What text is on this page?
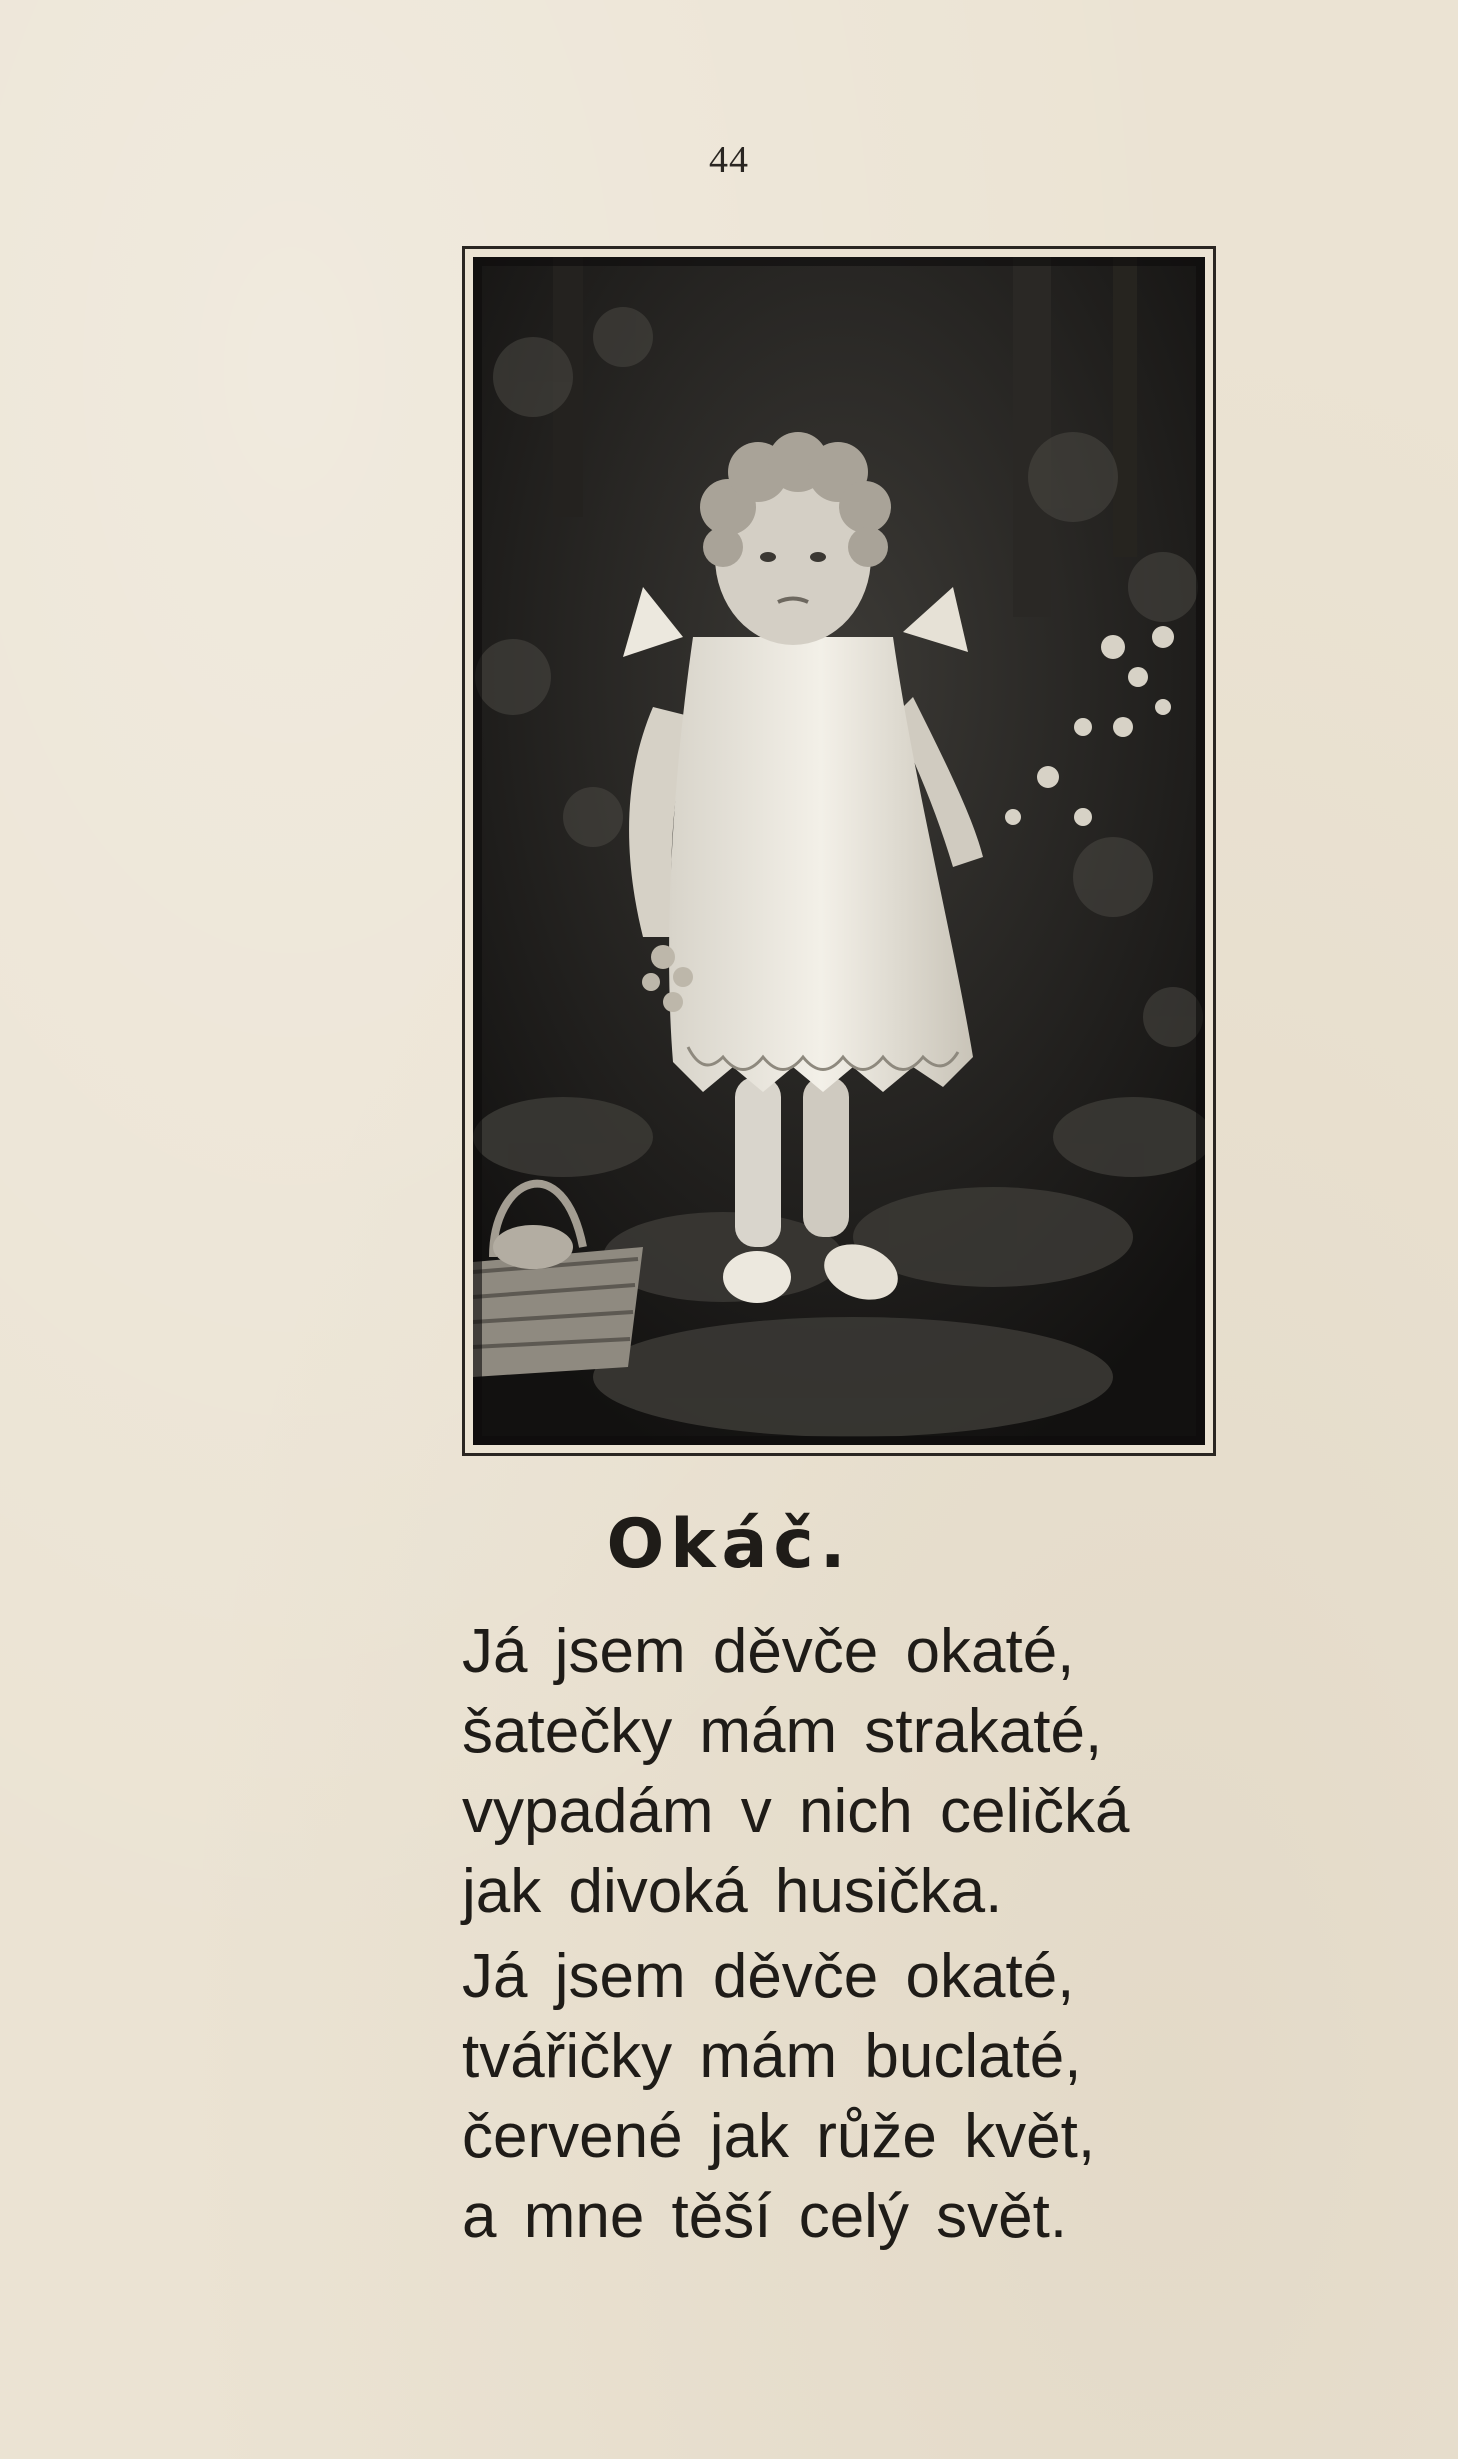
44
Okáč.
Já jsem děvče okaté,
šatečky mám strakaté,
vypadám v nich celičká
jak divoká husička.
Já jsem děvče okaté,
tvářičky mám buclaté,
červené jak růže květ,
a mne těší celý svět.
